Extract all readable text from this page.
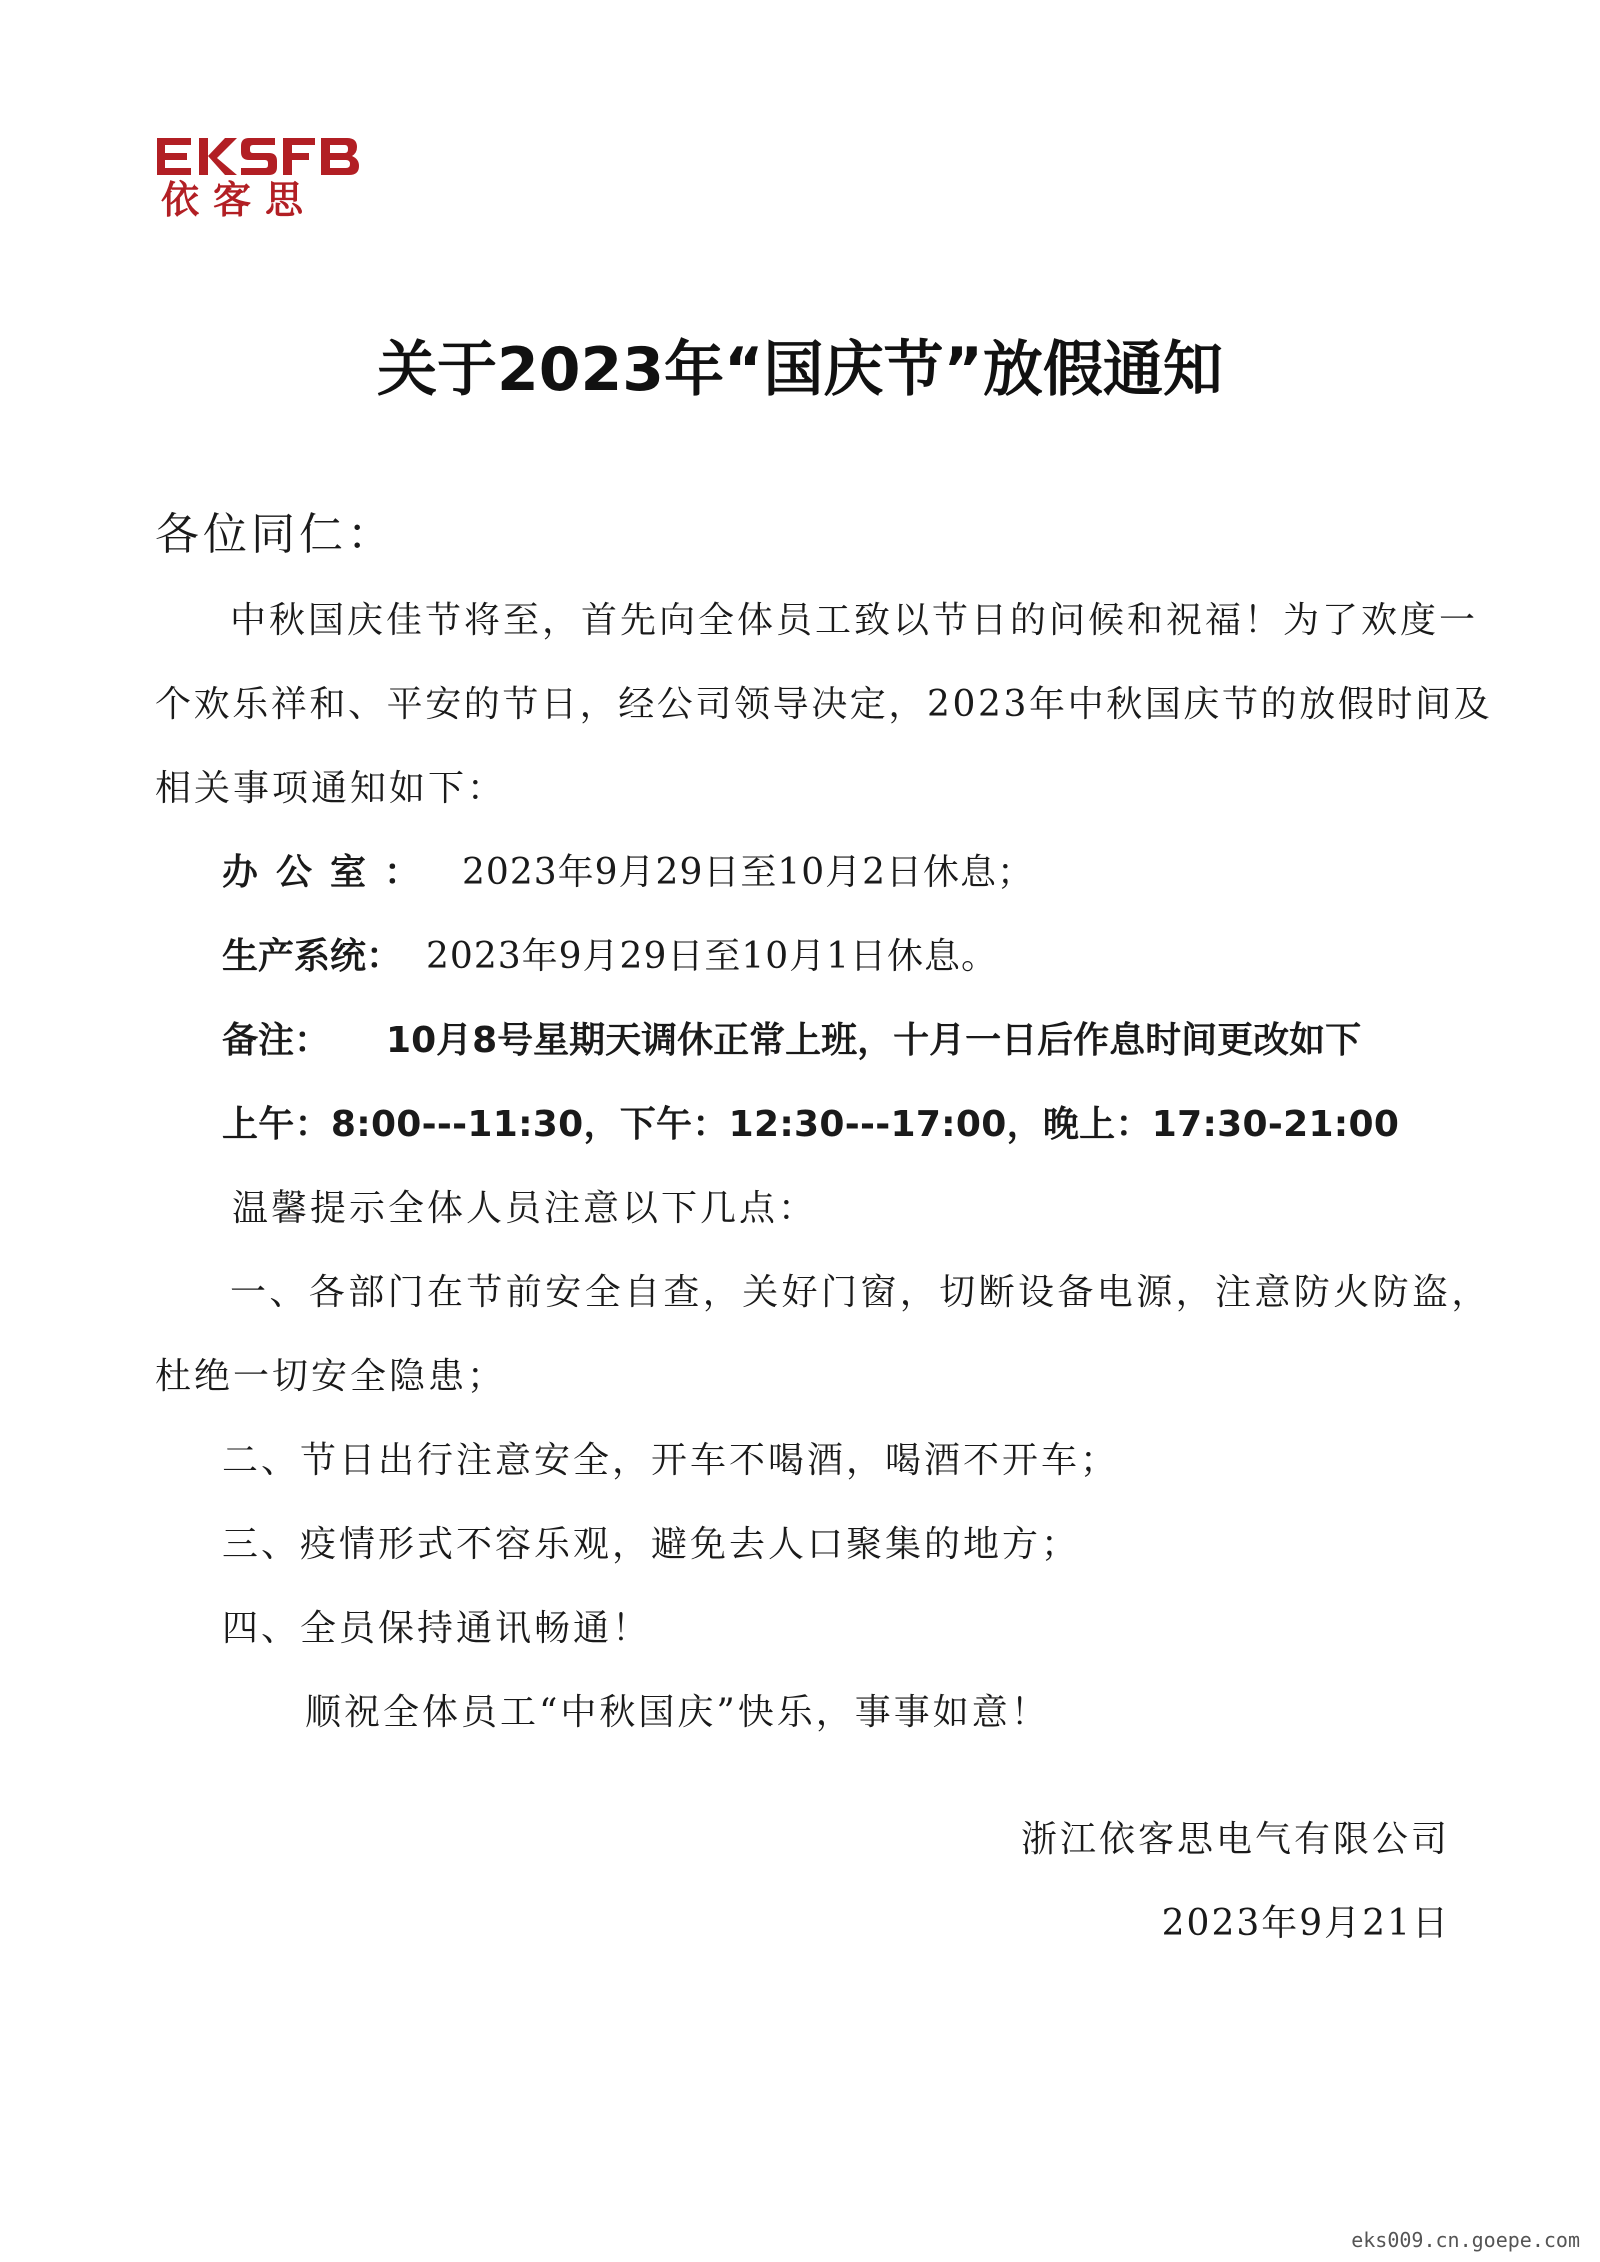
依客思
关于2023年“国庆节”放假通知
各位同仁：
中秋国庆佳节将至，首先向全体员工致以节日的问候和祝福！为了欢度一
个欢乐祥和、平安的节日，经公司领导决定，2023年中秋国庆节的放假时间及
相关事项通知如下：
办公室： 2023年9月29日至10月2日休息；
生产系统： 2023年9月29日至10月1日休息。
备注： 10月8号星期天调休正常上班，十月一日后作息时间更改如下
上午：8:00---11:30，下午：12:30---17:00，晚上：17:30-21:00
温馨提示全体人员注意以下几点：
一、各部门在节前安全自查，关好门窗，切断设备电源，注意防火防盗，
杜绝一切安全隐患；
二、节日出行注意安全，开车不喝酒，喝酒不开车；
三、疫情形式不容乐观，避免去人口聚集的地方；
四、全员保持通讯畅通！
顺祝全体员工“中秋国庆”快乐，事事如意！
浙江依客思电气有限公司
2023年9月21日
eks009.cn.goepe.com
